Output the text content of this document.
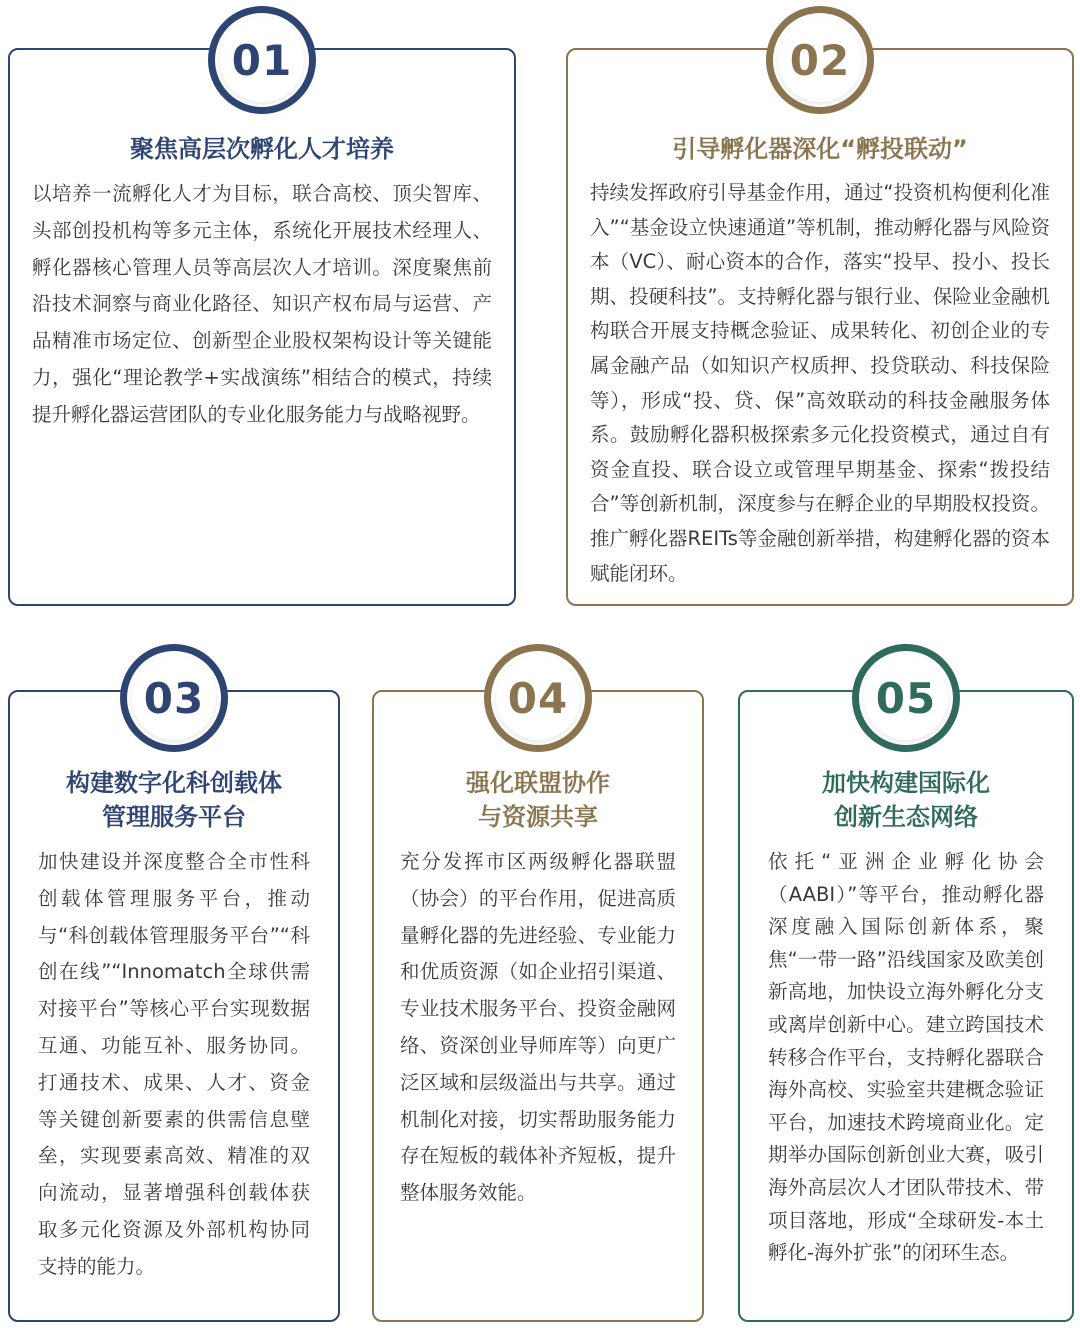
聚焦高层次孵化人才培养
以培养一流孵化人才为目标，联合高校、顶尖智库、头部创投机构等多元主体，系统化开展技术经理人、孵化器核心管理人员等高层次人才培训。深度聚焦前沿技术洞察与商业化路径、知识产权布局与运营、产品精准市场定位、创新型企业股权架构设计等关键能力，强化“理论教学+实战演练”相结合的模式，持续提升孵化器运营团队的专业化服务能力与战略视野。
01
引导孵化器深化“孵投联动”
持续发挥政府引导基金作用，通过“投资机构便利化准入”“基金设立快速通道”等机制，推动孵化器与风险资本（VC）、耐心资本的合作，落实“投早、投小、投长期、投硬科技”。支持孵化器与银行业、保险业金融机构联合开展支持概念验证、成果转化、初创企业的专属金融产品（如知识产权质押、投贷联动、科技保险等），形成“投、贷、保”高效联动的科技金融服务体系。鼓励孵化器积极探索多元化投资模式，通过自有资金直投、联合设立或管理早期基金、探索“拨投结合”等创新机制，深度参与在孵企业的早期股权投资。推广孵化器REITs等金融创新举措，构建孵化器的资本赋能闭环。
02
构建数字化科创载体
管理服务平台
加快建设并深度整合全市性科创载体管理服务平台，推动与“科创载体管理服务平台”“科创在线”“Innomatch全球供需对接平台”等核心平台实现数据互通、功能互补、服务协同。打通技术、成果、人才、资金等关键创新要素的供需信息壁垒，实现要素高效、精准的双向流动，显著增强科创载体获取多元化资源及外部机构协同支持的能力。
03
强化联盟协作
与资源共享
充分发挥市区两级孵化器联盟（协会）的平台作用，促进高质量孵化器的先进经验、专业能力和优质资源（如企业招引渠道、专业技术服务平台、投资金融网络、资深创业导师库等）向更广泛区域和层级溢出与共享。通过机制化对接，切实帮助服务能力存在短板的载体补齐短板，提升整体服务效能。
04
加快构建国际化
创新生态网络
依托“亚洲企业孵化协会（AABI）”等平台，推动孵化器深度融入国际创新体系，聚焦“一带一路”沿线国家及欧美创新高地，加快设立海外孵化分支或离岸创新中心。建立跨国技术转移合作平台，支持孵化器联合海外高校、实验室共建概念验证平台，加速技术跨境商业化。定期举办国际创新创业大赛，吸引海外高层次人才团队带技术、带项目落地，形成“全球研发-本土孵化-海外扩张”的闭环生态。
05
